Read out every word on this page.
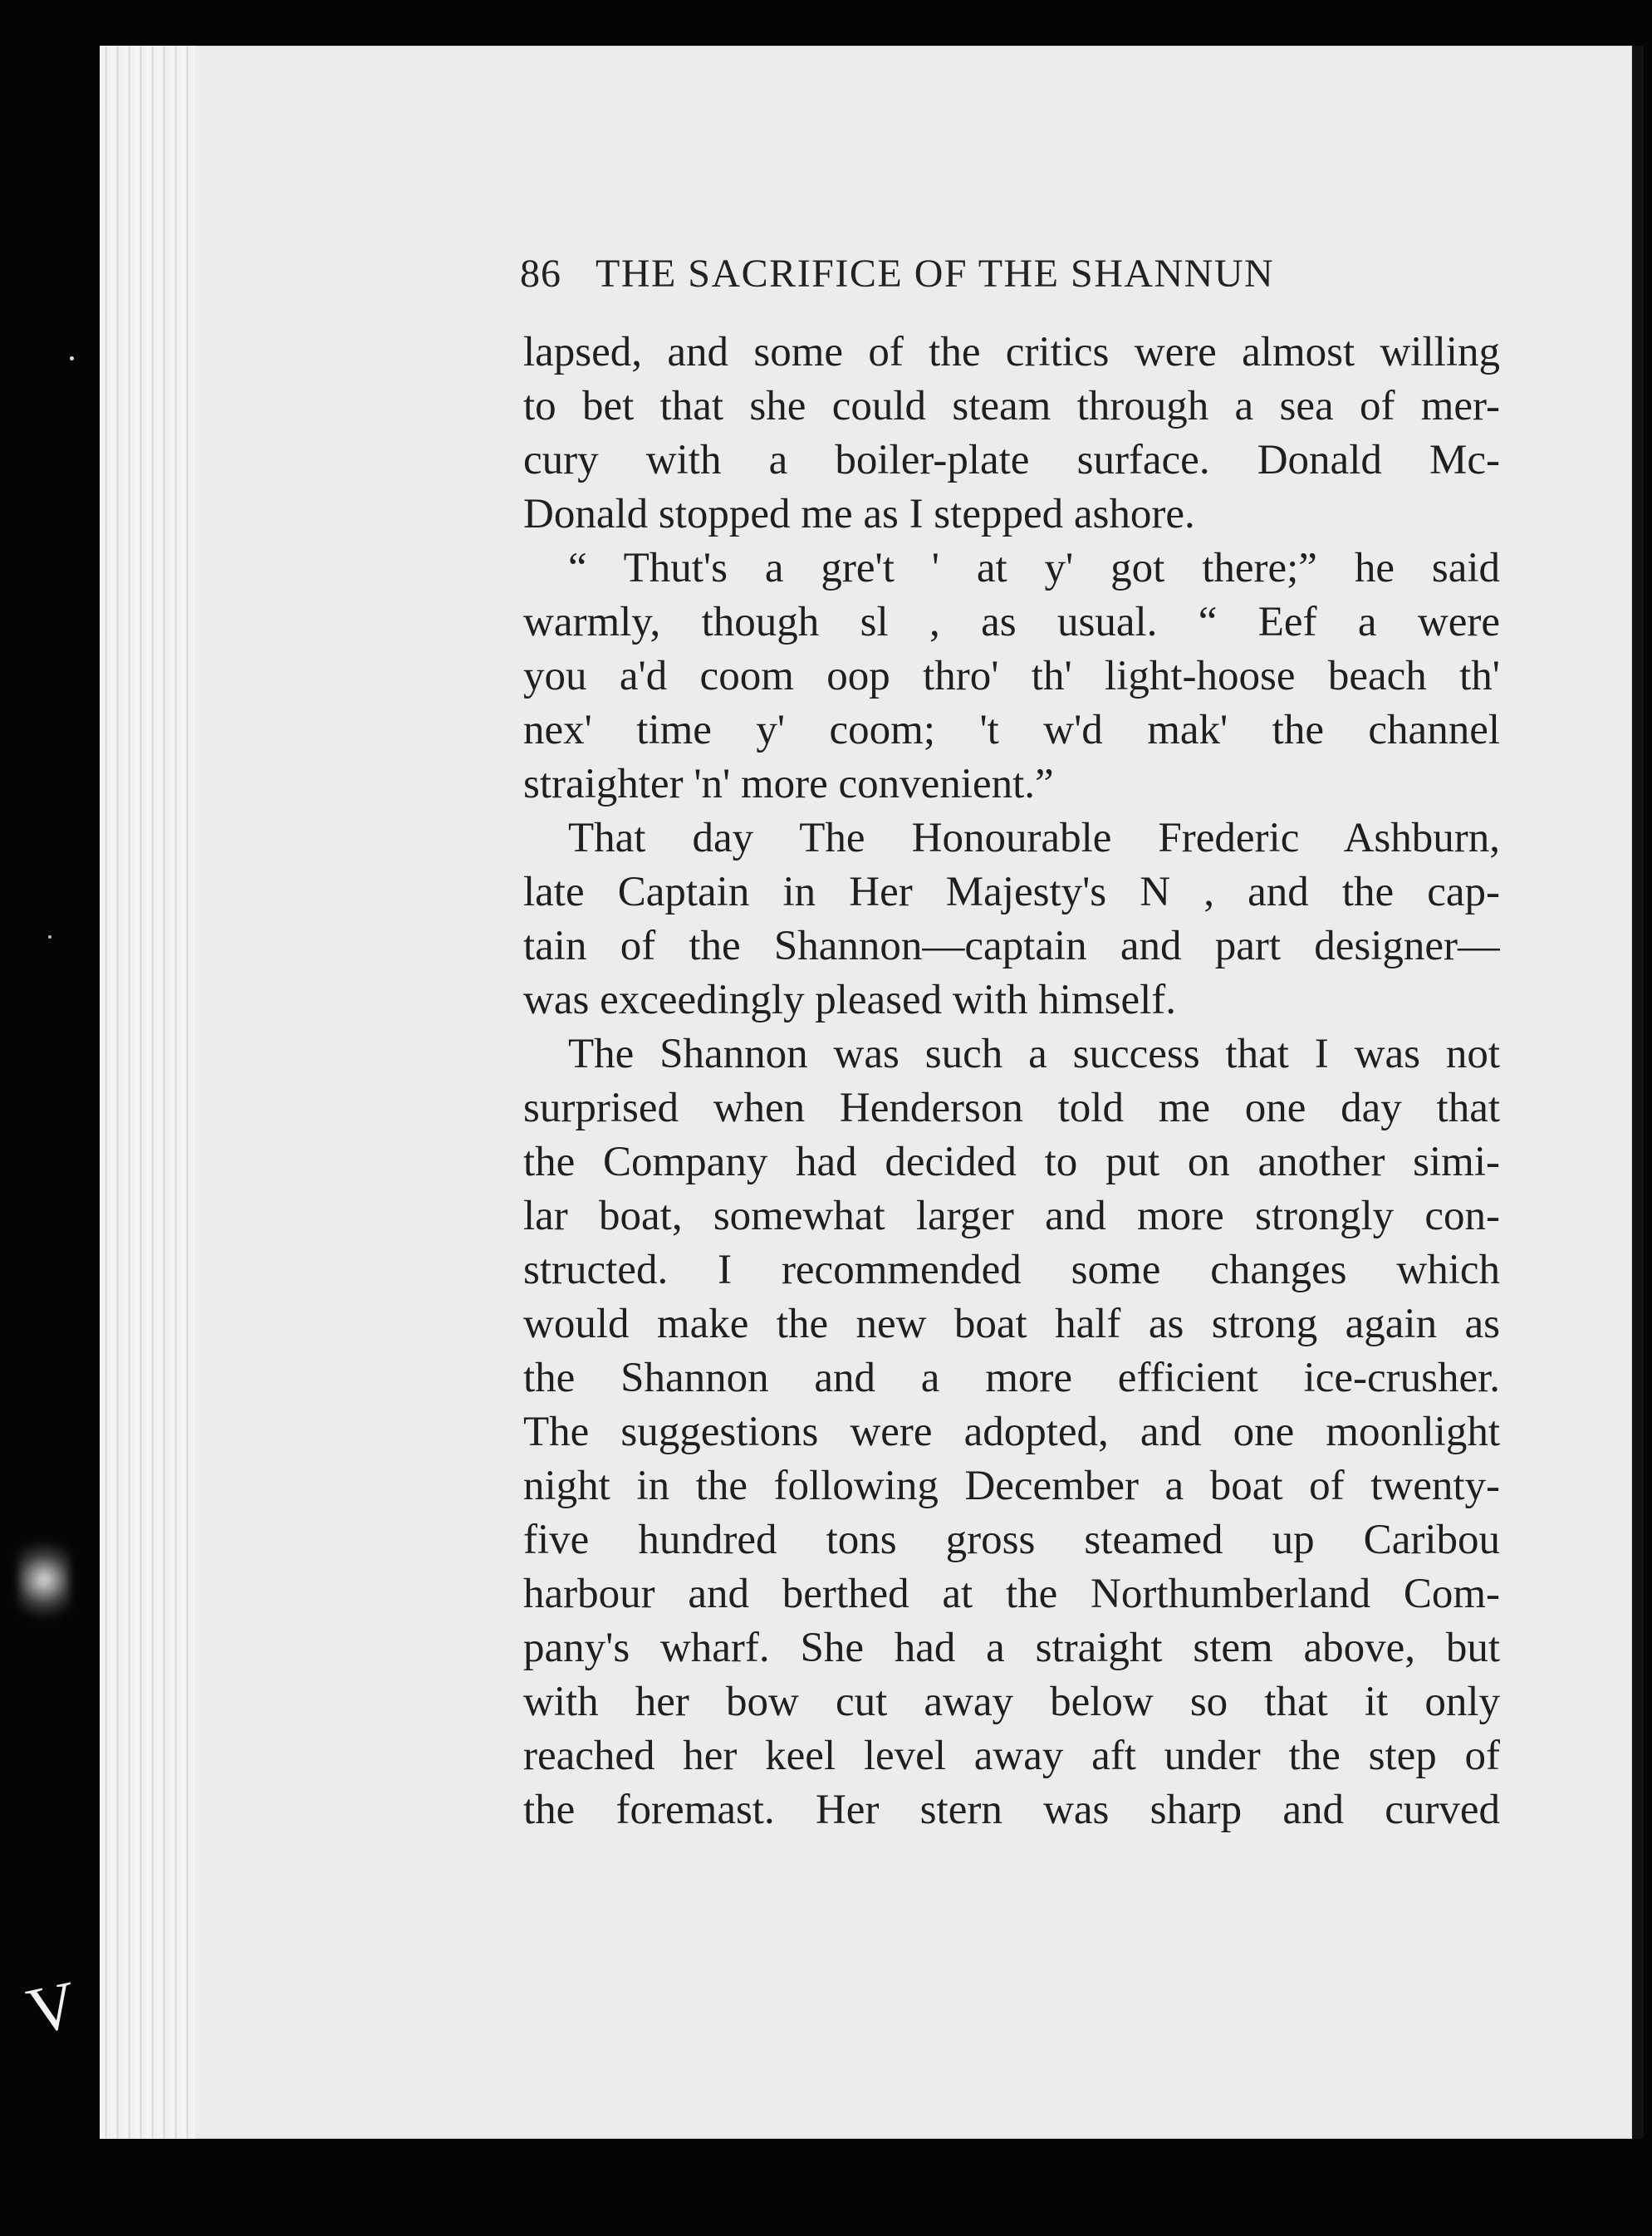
V
86 THE SACRIFICE OF THE SHANNUN
lapsed, and some of the critics were almost willing
to bet that she could steam through a sea of mer-
cury with a boiler-plate surface. Donald Mc-
Donald stopped me as I stepped ashore.
“ Thut's a gre't ' at y' got there;” he said
warmly, though sl , as usual. “ Eef a were
you a'd coom oop thro' th' light-hoose beach th'
nex' time y' coom; 't w'd mak' the channel
straighter 'n' more convenient.”
That day The Honourable Frederic Ashburn,
late Captain in Her Majesty's N , and the cap-
tain of the Shannon—captain and part designer—
was exceedingly pleased with himself.
The Shannon was such a success that I was not
surprised when Henderson told me one day that
the Company had decided to put on another simi-
lar boat, somewhat larger and more strongly con-
structed. I recommended some changes which
would make the new boat half as strong again as
the Shannon and a more efficient ice-crusher.
The suggestions were adopted, and one moonlight
night in the following December a boat of twenty-
five hundred tons gross steamed up Caribou
harbour and berthed at the Northumberland Com-
pany's wharf. She had a straight stem above, but
with her bow cut away below so that it only
reached her keel level away aft under the step of
the foremast. Her stern was sharp and curved
